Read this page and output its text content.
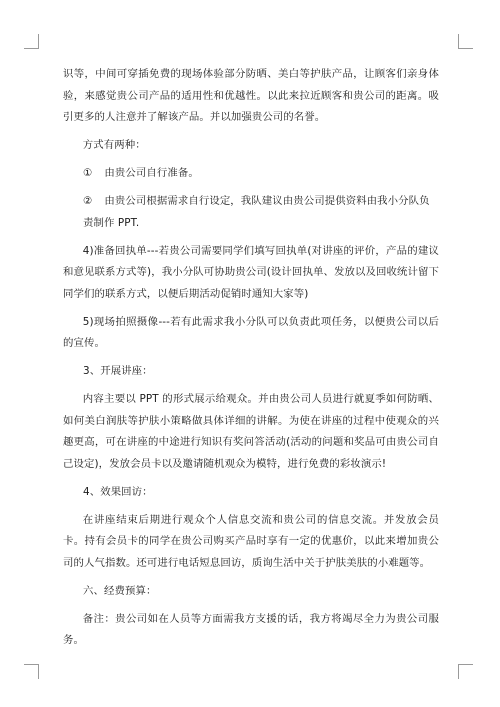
识等，中间可穿插免费的现场体验部分防晒、美白等护肤产品，让顾客们亲身体验，来感觉贵公司产品的适用性和优越性。以此来拉近顾客和贵公司的距离。吸引更多的人注意并了解该产品。并以加强贵公司的名誉。

方式有两种：

① 由贵公司自行准备。

② 由贵公司根据需求自行设定，我队建议由贵公司提供资料由我小分队负责制作 PPT.

4)准备回执单---若贵公司需要同学们填写回执单(对讲座的评价，产品的建议和意见联系方式等)，我小分队可协助贵公司(设计回执单、发放以及回收统计留下同学们的联系方式，以便后期活动促销时通知大家等)

5)现场拍照摄像---若有此需求我小分队可以负责此项任务，以便贵公司以后的宣传。

3、开展讲座：

内容主要以 PPT 的形式展示给观众。并由贵公司人员进行就夏季如何防晒、如何美白润肤等护肤小策略做具体详细的讲解。为使在讲座的过程中使观众的兴趣更高，可在讲座的中途进行知识有奖问答活动(活动的问题和奖品可由贵公司自己设定)，发放会员卡以及邀请随机观众为模特，进行免费的彩妆演示!

4、效果回访：

在讲座结束后期进行观众个人信息交流和贵公司的信息交流。并发放会员卡。持有会员卡的同学在贵公司购买产品时享有一定的优惠价，以此来增加贵公司的人气指数。还可进行电话短息回访，质询生活中关于护肤美肤的小难题等。

六、经费预算：

备注：贵公司如在人员等方面需我方支援的话，我方将竭尽全力为贵公司服务。
